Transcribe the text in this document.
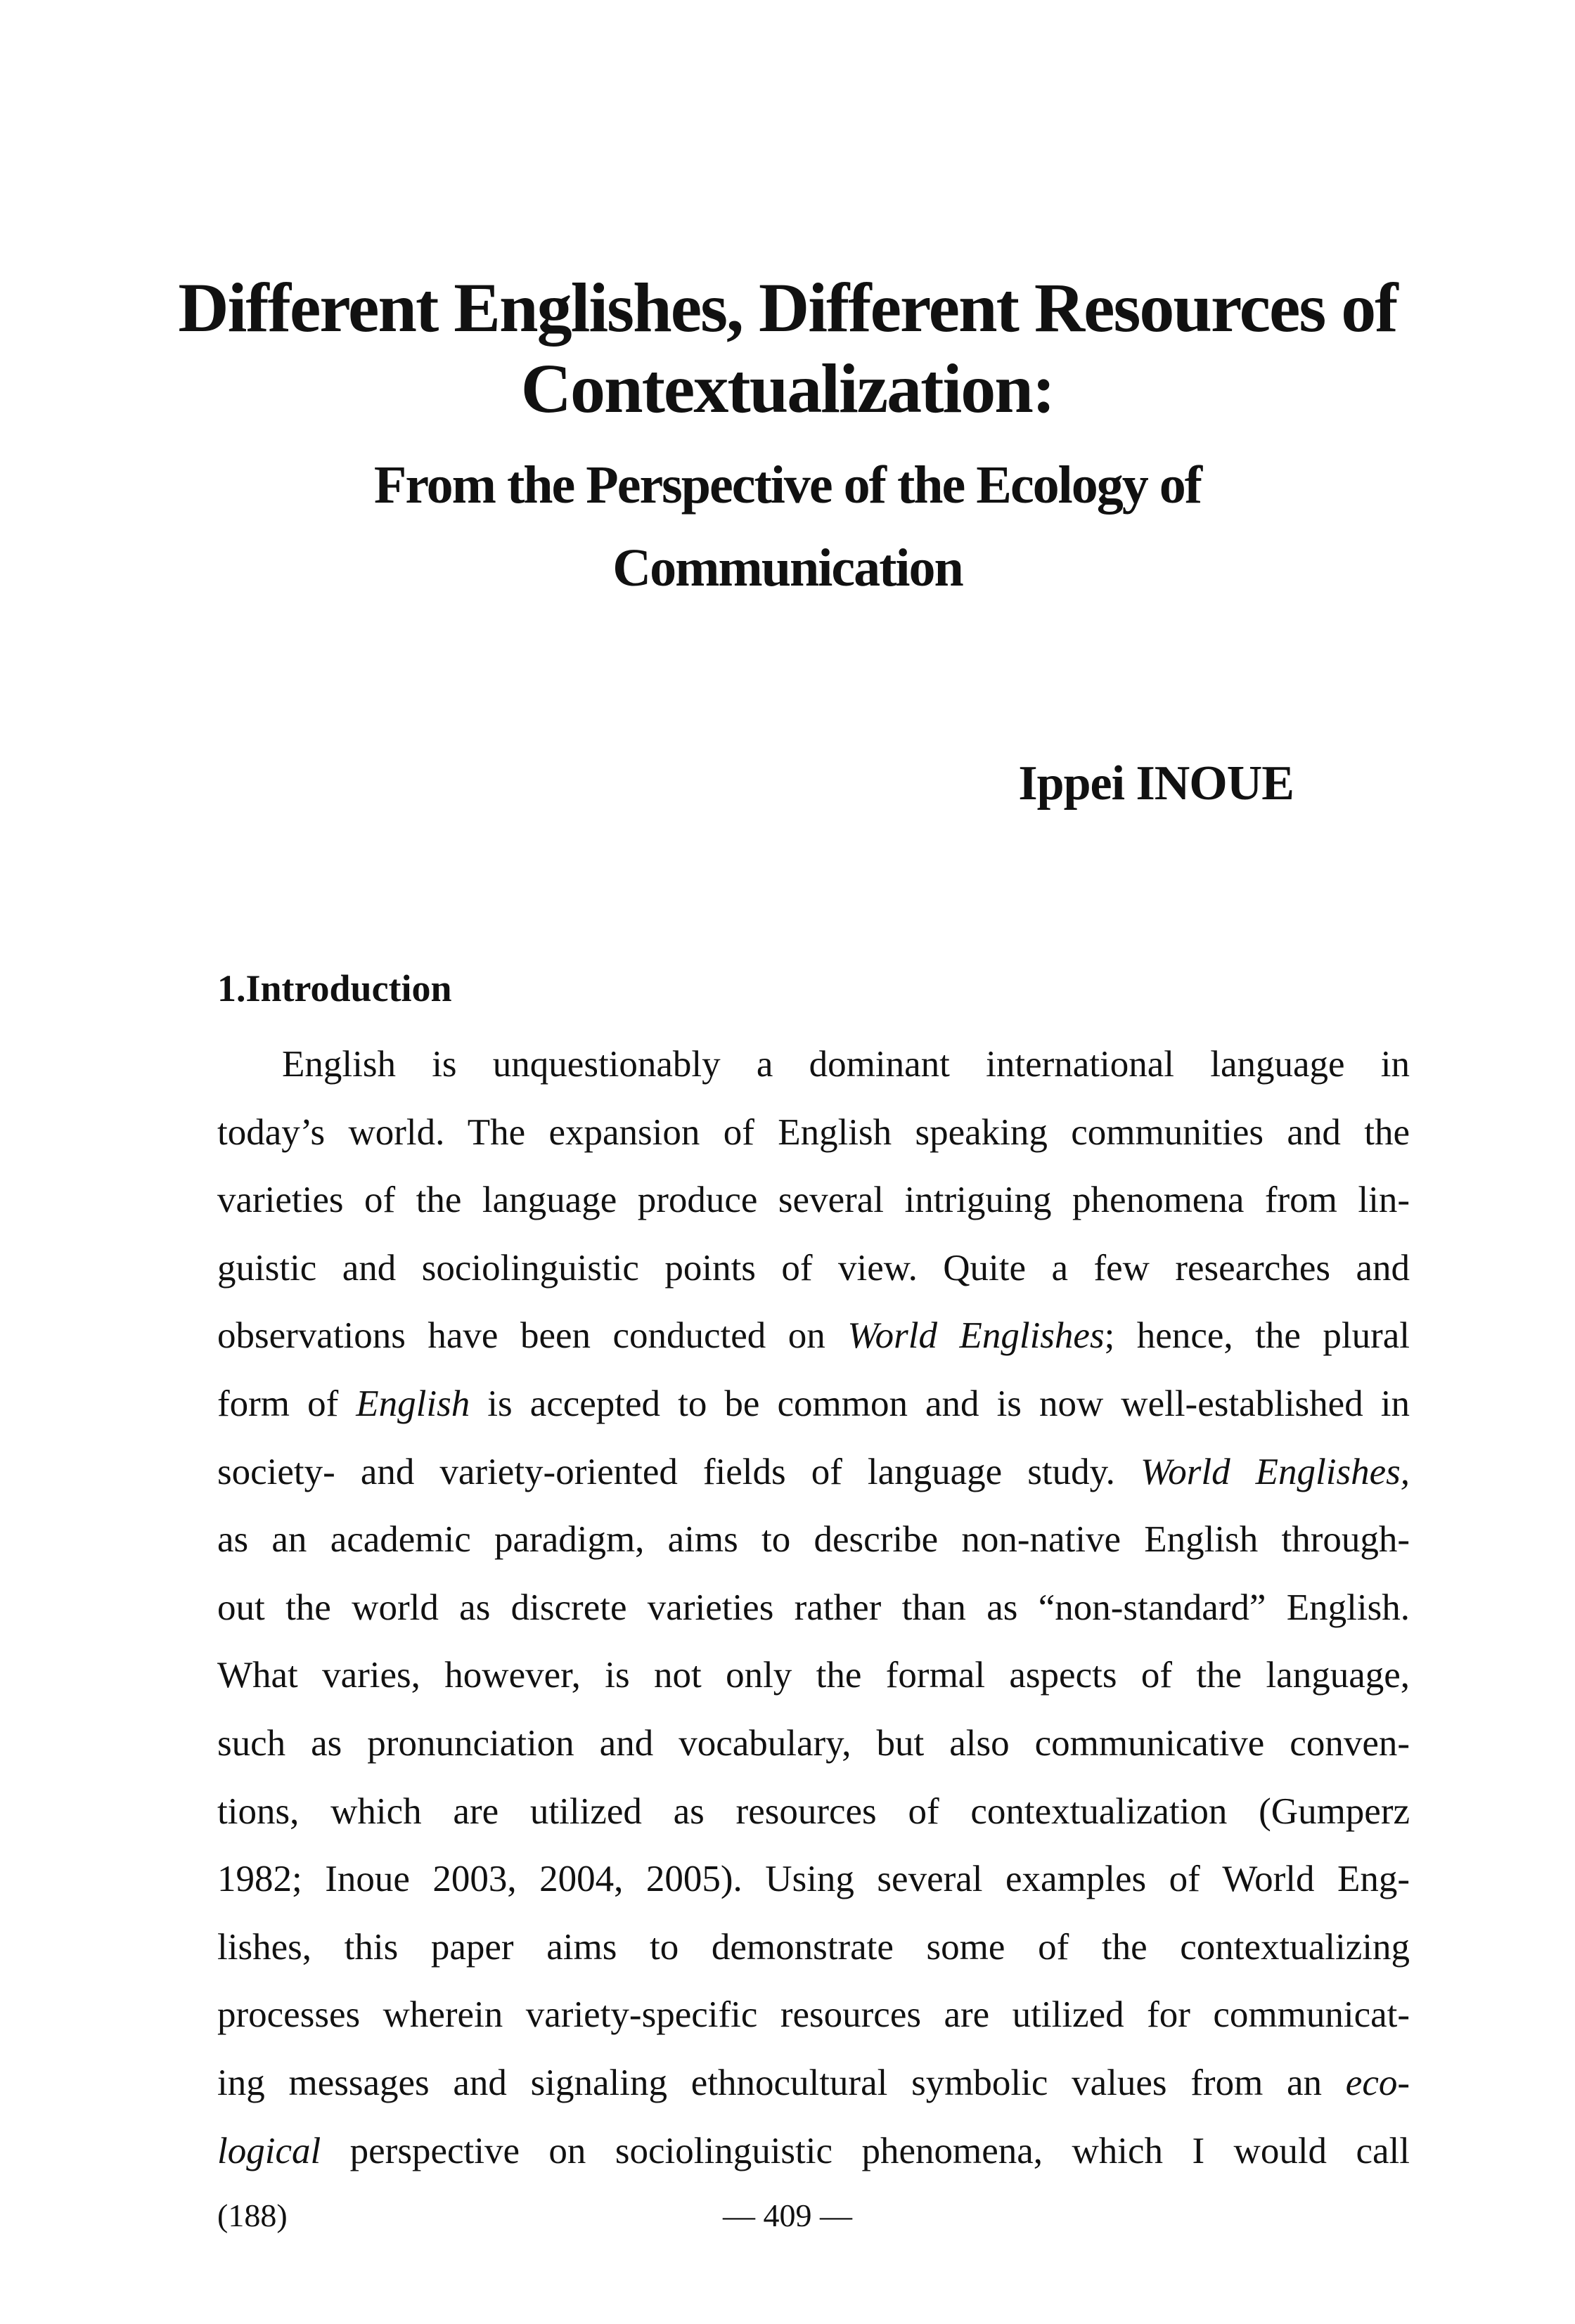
Different Englishes, Different Resources of
Contextualization:
From the Perspective of the Ecology of
Communication
Ippei INOUE
1.Introduction
English is unquestionably a dominant international language in
today’s world. The expansion of English speaking communities and the
varieties of the language produce several intriguing phenomena from lin-
guistic and sociolinguistic points of view. Quite a few researches and
observations have been conducted on World Englishes; hence, the plural
form of English is accepted to be common and is now well-established in
society- and variety-oriented fields of language study. World Englishes,
as an academic paradigm, aims to describe non-native English through-
out the world as discrete varieties rather than as “non-standard” English.
What varies, however, is not only the formal aspects of the language,
such as pronunciation and vocabulary, but also communicative conven-
tions, which are utilized as resources of contextualization (Gumperz
1982; Inoue 2003, 2004, 2005). Using several examples of World Eng-
lishes, this paper aims to demonstrate some of the contextualizing
processes wherein variety-specific resources are utilized for communicat-
ing messages and signaling ethnocultural symbolic values from an eco-
logical perspective on sociolinguistic phenomena, which I would call
(188)	— 409 —
